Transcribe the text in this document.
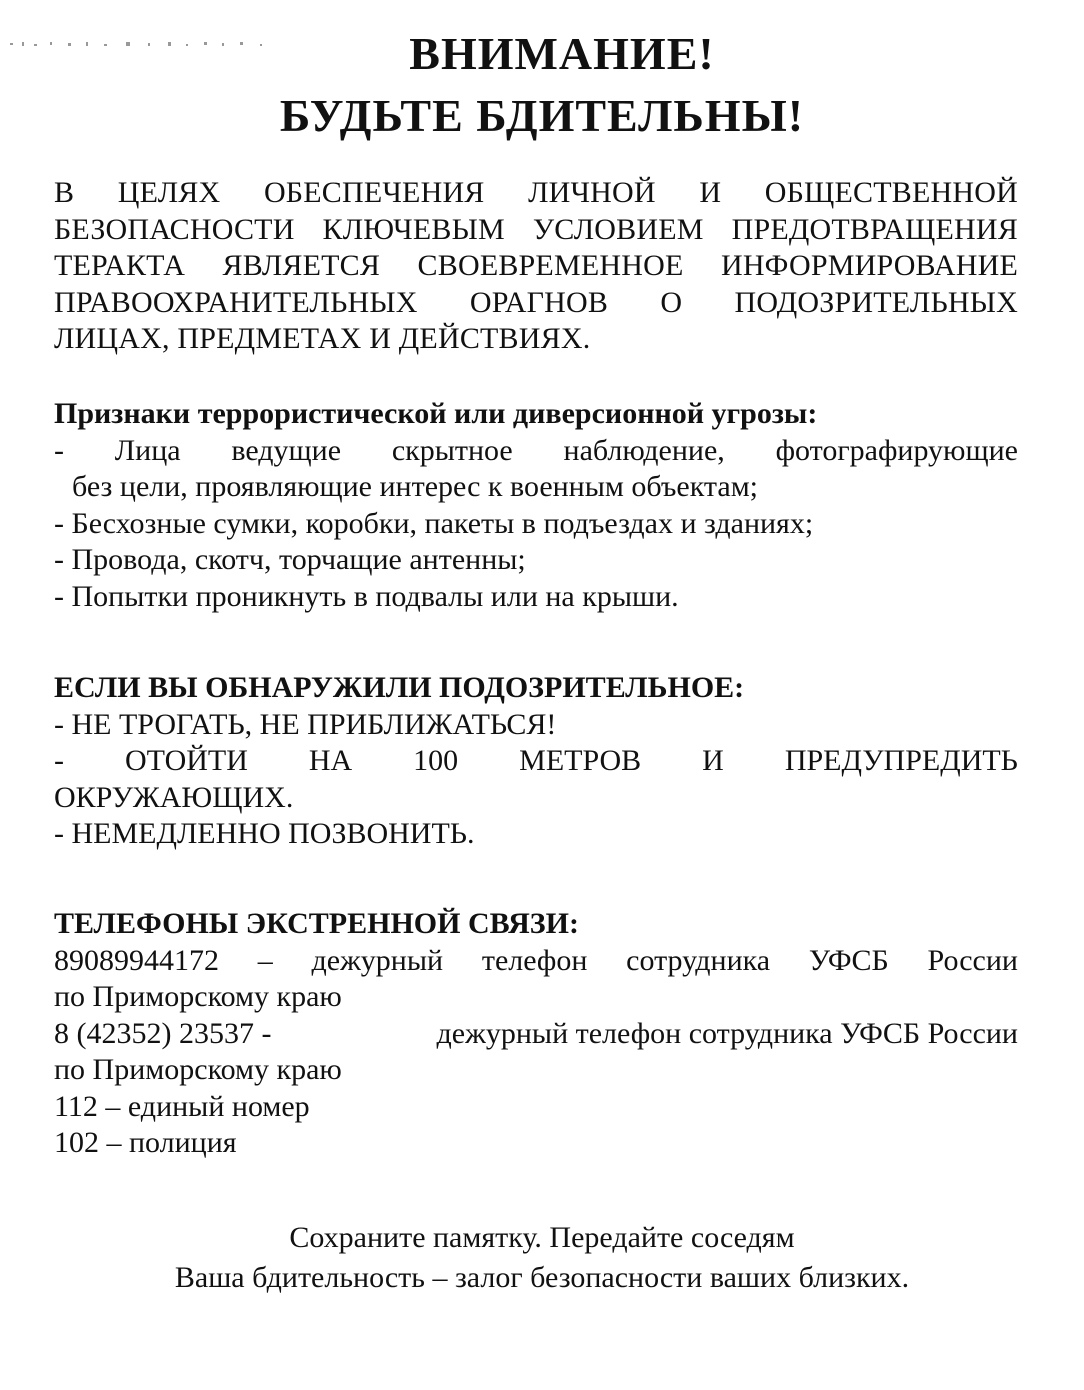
ВНИМАНИЕ!
БУДЬТЕ БДИТЕЛЬНЫ!
В ЦЕЛЯХ ОБЕСПЕЧЕНИЯ ЛИЧНОЙ И ОБЩЕСТВЕННОЙ
БЕЗОПАСНОСТИ КЛЮЧЕВЫМ УСЛОВИЕМ ПРЕДОТВРАЩЕНИЯ
ТЕРАКТА ЯВЛЯЕТСЯ СВОЕВРЕМЕННОЕ ИНФОРМИРОВАНИЕ
ПРАВООХРАНИТЕЛЬНЫХ ОРАГНОВ О ПОДОЗРИТЕЛЬНЫХ
ЛИЦАХ, ПРЕДМЕТАХ И ДЕЙСТВИЯХ.
Признаки террористической или диверсионной угрозы:
- Лица ведущие скрытное наблюдение, фотографирующие
без цели, проявляющие интерес к военным объектам;
- Бесхозные сумки, коробки, пакеты в подъездах и зданиях;
- Провода, скотч, торчащие антенны;
- Попытки проникнуть в подвалы или на крыши.
ЕСЛИ ВЫ ОБНАРУЖИЛИ ПОДОЗРИТЕЛЬНОЕ:
- НЕ ТРОГАТЬ, НЕ ПРИБЛИЖАТЬСЯ!
- ОТОЙТИ НА 100 МЕТРОВ И ПРЕДУПРЕДИТЬ
ОКРУЖАЮЩИХ.
- НЕМЕДЛЕННО ПОЗВОНИТЬ.
ТЕЛЕФОНЫ ЭКСТРЕННОЙ СВЯЗИ:
89089944172 – дежурный телефон сотрудника УФСБ России
по Приморскому краю
8 (42352) 23537 -	дежурный телефон сотрудника УФСБ России
по Приморскому краю
112 – единый номер
102 – полиция
Сохраните памятку. Передайте соседям
Ваша бдительность – залог безопасности ваших близких.
